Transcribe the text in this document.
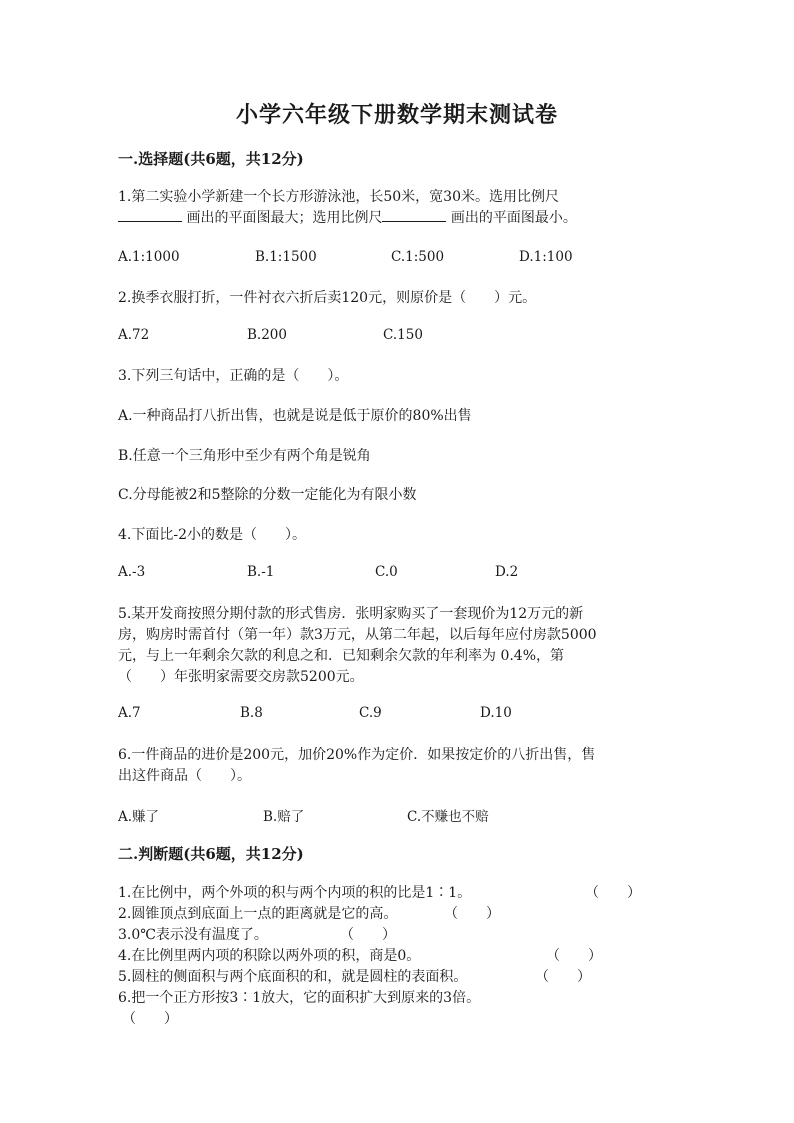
小学六年级下册数学期末测试卷
一.选择题(共6题，共12分)
1.第二实验小学新建一个长方形游泳池，长50米，宽30米。选用比例尺
画出的平面图最大；选用比例尺	画出的平面图最小。
A.1:1000	B.1:1500	C.1:500	D.1:100
2.换季衣服打折，一件衬衣六折后卖120元，则原价是（　　）元。
A.72	B.200	C.150
3.下列三句话中，正确的是（　　）。
A.一种商品打八折出售，也就是说是低于原价的80%出售
B.任意一个三角形中至少有两个角是锐角
C.分母能被2和5整除的分数一定能化为有限小数
4.下面比-2小的数是（　　）。
A.-3	B.-1	C.0	D.2
5.某开发商按照分期付款的形式售房．张明家购买了一套现价为12万元的新
房，购房时需首付（第一年）款3万元，从第二年起，以后每年应付房款5000
元，与上一年剩余欠款的利息之和．已知剩余欠款的年利率为 0.4%，第
（　　）年张明家需要交房款5200元。
A.7	B.8	C.9	D.10
6.一件商品的进价是200元，加价20%作为定价．如果按定价的八折出售，售
出这件商品（　　）。
A.赚了	B.赔了	C.不赚也不赔
二.判断题(共6题，共12分)
1.在比例中，两个外项的积与两个内项的积的比是1∶1。	（　　）
2.圆锥顶点到底面上一点的距离就是它的高。	（　　）
3.0℃表示没有温度了。	（　　）
4.在比例里两内项的积除以两外项的积，商是0。	（　　）
5.圆柱的侧面积与两个底面积的和，就是圆柱的表面积。	（　　）
6.把一个正方形按3∶1放大，它的面积扩大到原来的3倍。
（　　）
